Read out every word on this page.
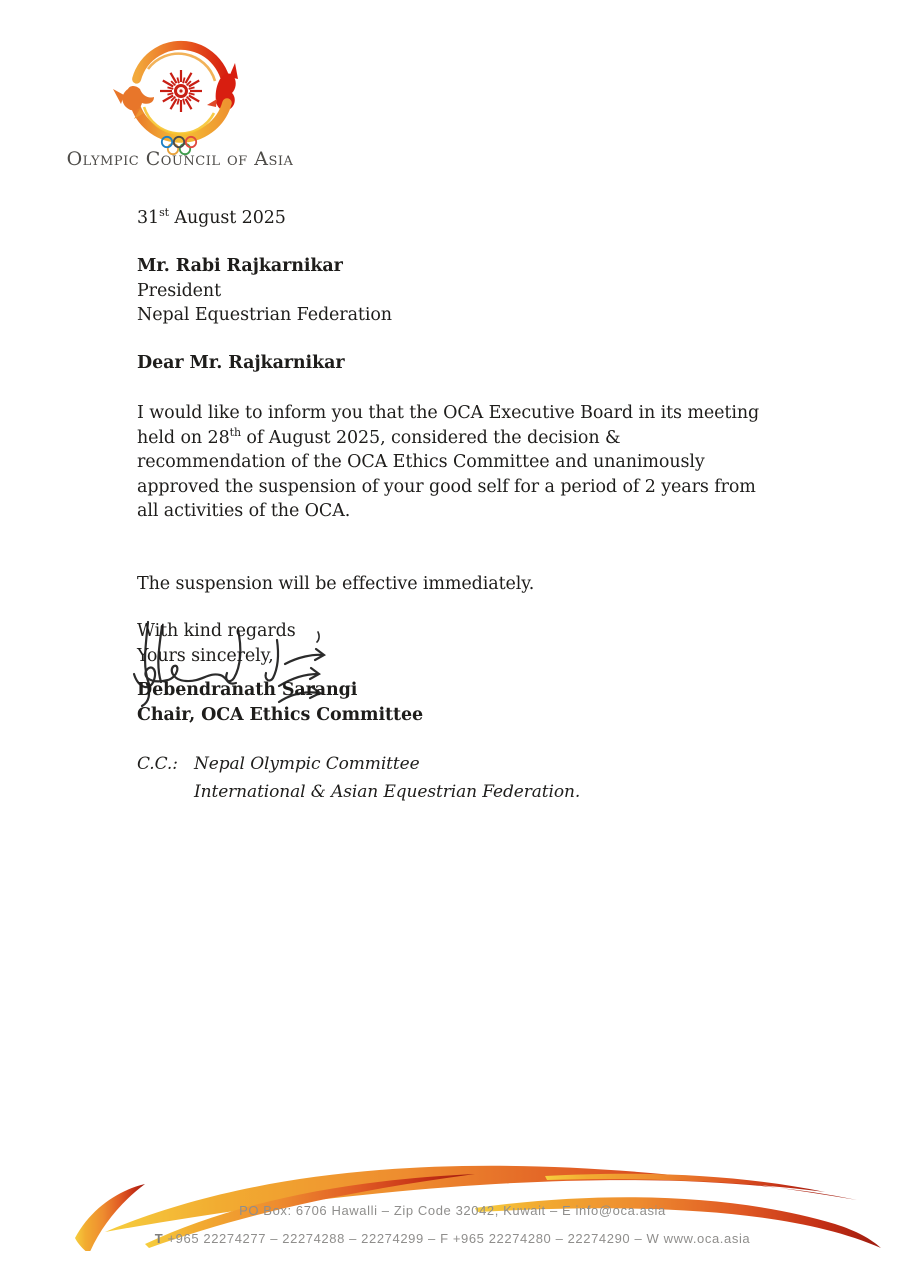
Olympic Council of Asia
31st August 2025
Mr. Rabi Rajkarnikar
President
Nepal Equestrian Federation
Dear Mr. Rajkarnikar
I would like to inform you that the OCA Executive Board in its meeting
held on 28th of August 2025, considered the decision &
recommendation of the OCA Ethics Committee and unanimously
approved the suspension of your good self for a period of 2 years from
all activities of the OCA.
The suspension will be effective immediately.
With kind regards
Yours sincerely,
Debendranath Sarangi
Chair, OCA Ethics Committee
C.C.: Nepal Olympic Committee
International & Asian Equestrian Federation.
PO Box: 6706 Hawalli – Zip Code 32042, Kuwait – E info@oca.asia
T +965 22274277 – 22274288 – 22274299 – F +965 22274280 – 22274290 – W www.oca.asia
